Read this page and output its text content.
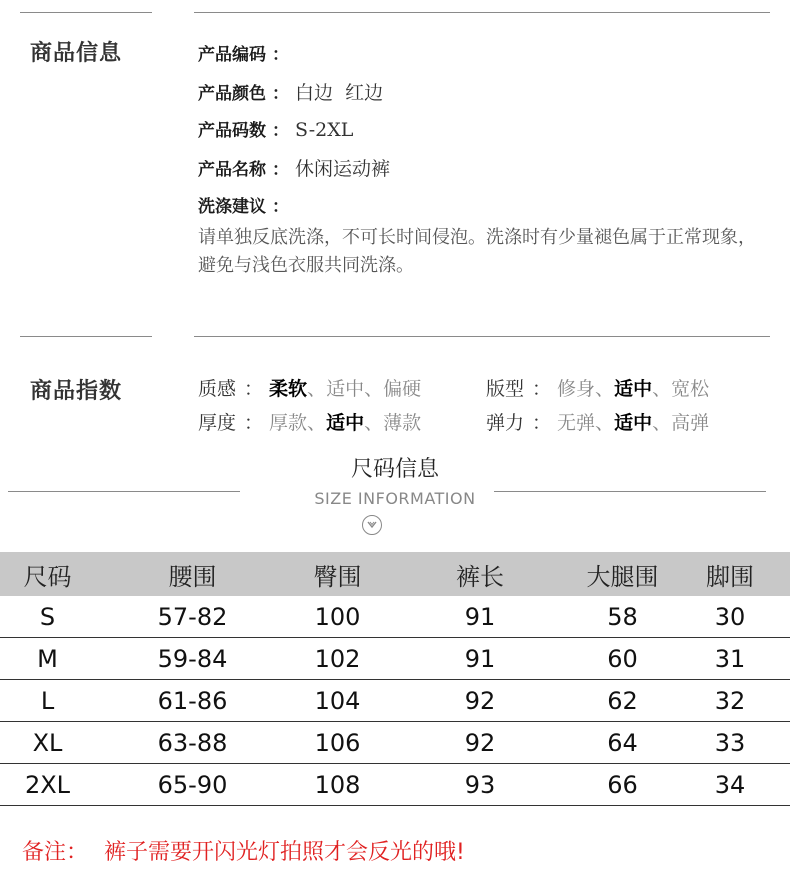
商品信息	产品编码 ：
产品颜色 ： 白边  红边
产品码数 ： S-2XL
产品名称 ： 休闲运动裤
洗涤建议 ：
请单独反底洗涤，不可长时间侵泡。洗涤时有少量褪色属于正常现象，避免与浅色衣服共同洗涤。
商品指数	质感 ： 柔软、适中、偏硬	版型 ： 修身、适中、宽松
厚度 ： 厚款、适中、薄款	弹力 ： 无弹、适中、高弹
尺码信息
SIZE INFORMATION
尺码	腰围	臀围	裤长	大腿围	脚围
S	57-82	100	91	58	30
M	59-84	102	91	60	31
L	61-86	104	92	62	32
XL	63-88	106	92	64	33
2XL	65-90	108	93	66	34
备注： 裤子需要开闪光灯拍照才会反光的哦!
